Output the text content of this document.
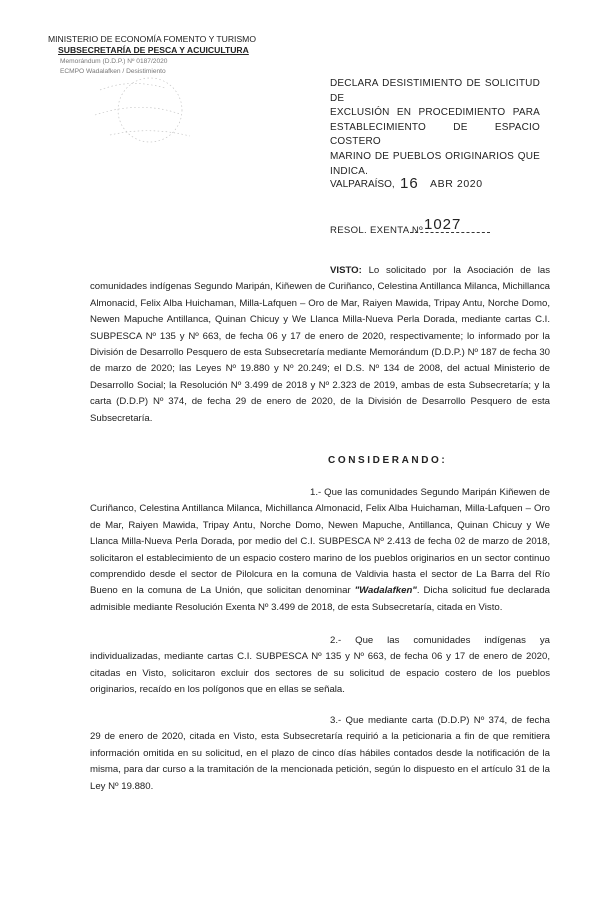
MINISTERIO DE ECONOMÍA FOMENTO Y TURISMO
SUBSECRETARÍA DE PESCA Y ACUICULTURA
Memorándum (D.D.P.) Nº 0187/2020
ECMPO Wadalafken / Desistimiento
DECLARA DESISTIMIENTO DE SOLICITUD DE
EXCLUSIÓN EN PROCEDIMIENTO PARA
ESTABLECIMIENTO DE ESPACIO COSTERO
MARINO DE PUEBLOS ORIGINARIOS QUE INDICA.
VALPARAÍSO, 16 ABR 2020
RESOL. EXENTA Nº 1027
VISTO: Lo solicitado por la Asociación de las comunidades indígenas Segundo Maripán, Kiñewen de Curiñanco, Celestina Antillanca Milanca, Michillanca Almonacid, Felix Alba Huichaman, Milla-Lafquen – Oro de Mar, Raiyen Mawida, Tripay Antu, Norche Domo, Newen Mapuche Antillanca, Quinan Chicuy y We Llanca Milla-Nueva Perla Dorada, mediante cartas C.I. SUBPESCA Nº 135 y Nº 663, de fecha 06 y 17 de enero de 2020, respectivamente; lo informado por la División de Desarrollo Pesquero de esta Subsecretaría mediante Memorándum (D.D.P.) Nº 187 de fecha 30 de marzo de 2020; las Leyes Nº 19.880 y Nº 20.249; el D.S. Nº 134 de 2008, del actual Ministerio de Desarrollo Social; la Resolución Nº 3.499 de 2018 y Nº 2.323 de 2019, ambas de esta Subsecretaría; y la carta (D.D.P) Nº 374, de fecha 29 de enero de 2020, de la División de Desarrollo Pesquero de esta Subsecretaría.
CONSIDERANDO:
1.- Que las comunidades Segundo Maripán Kiñewen de Curiñanco, Celestina Antillanca Milanca, Michillanca Almonacid, Felix Alba Huichaman, Milla-Lafquen – Oro de Mar, Raiyen Mawida, Tripay Antu, Norche Domo, Newen Mapuche, Antillanca, Quinan Chicuy y We Llanca Milla-Nueva Perla Dorada, por medio del C.I. SUBPESCA Nº 2.413 de fecha 02 de marzo de 2018, solicitaron el establecimiento de un espacio costero marino de los pueblos originarios en un sector continuo comprendido desde el sector de Pilolcura en la comuna de Valdivia hasta el sector de La Barra del Río Bueno en la comuna de La Unión, que solicitan denominar "Wadalafken". Dicha solicitud fue declarada admisible mediante Resolución Exenta Nº 3.499 de 2018, de esta Subsecretaría, citada en Visto.
2.- Que las comunidades indígenas ya individualizadas, mediante cartas C.I. SUBPESCA Nº 135 y Nº 663, de fecha 06 y 17 de enero de 2020, citadas en Visto, solicitaron excluir dos sectores de su solicitud de espacio costero de los pueblos originarios, recaído en los polígonos que en ellas se señala.
3.- Que mediante carta (D.D.P) Nº 374, de fecha 29 de enero de 2020, citada en Visto, esta Subsecretaría requirió a la peticionaria a fin de que remitiera información omitida en su solicitud, en el plazo de cinco días hábiles contados desde la notificación de la misma, para dar curso a la tramitación de la mencionada petición, según lo dispuesto en el artículo 31 de la Ley Nº 19.880.
